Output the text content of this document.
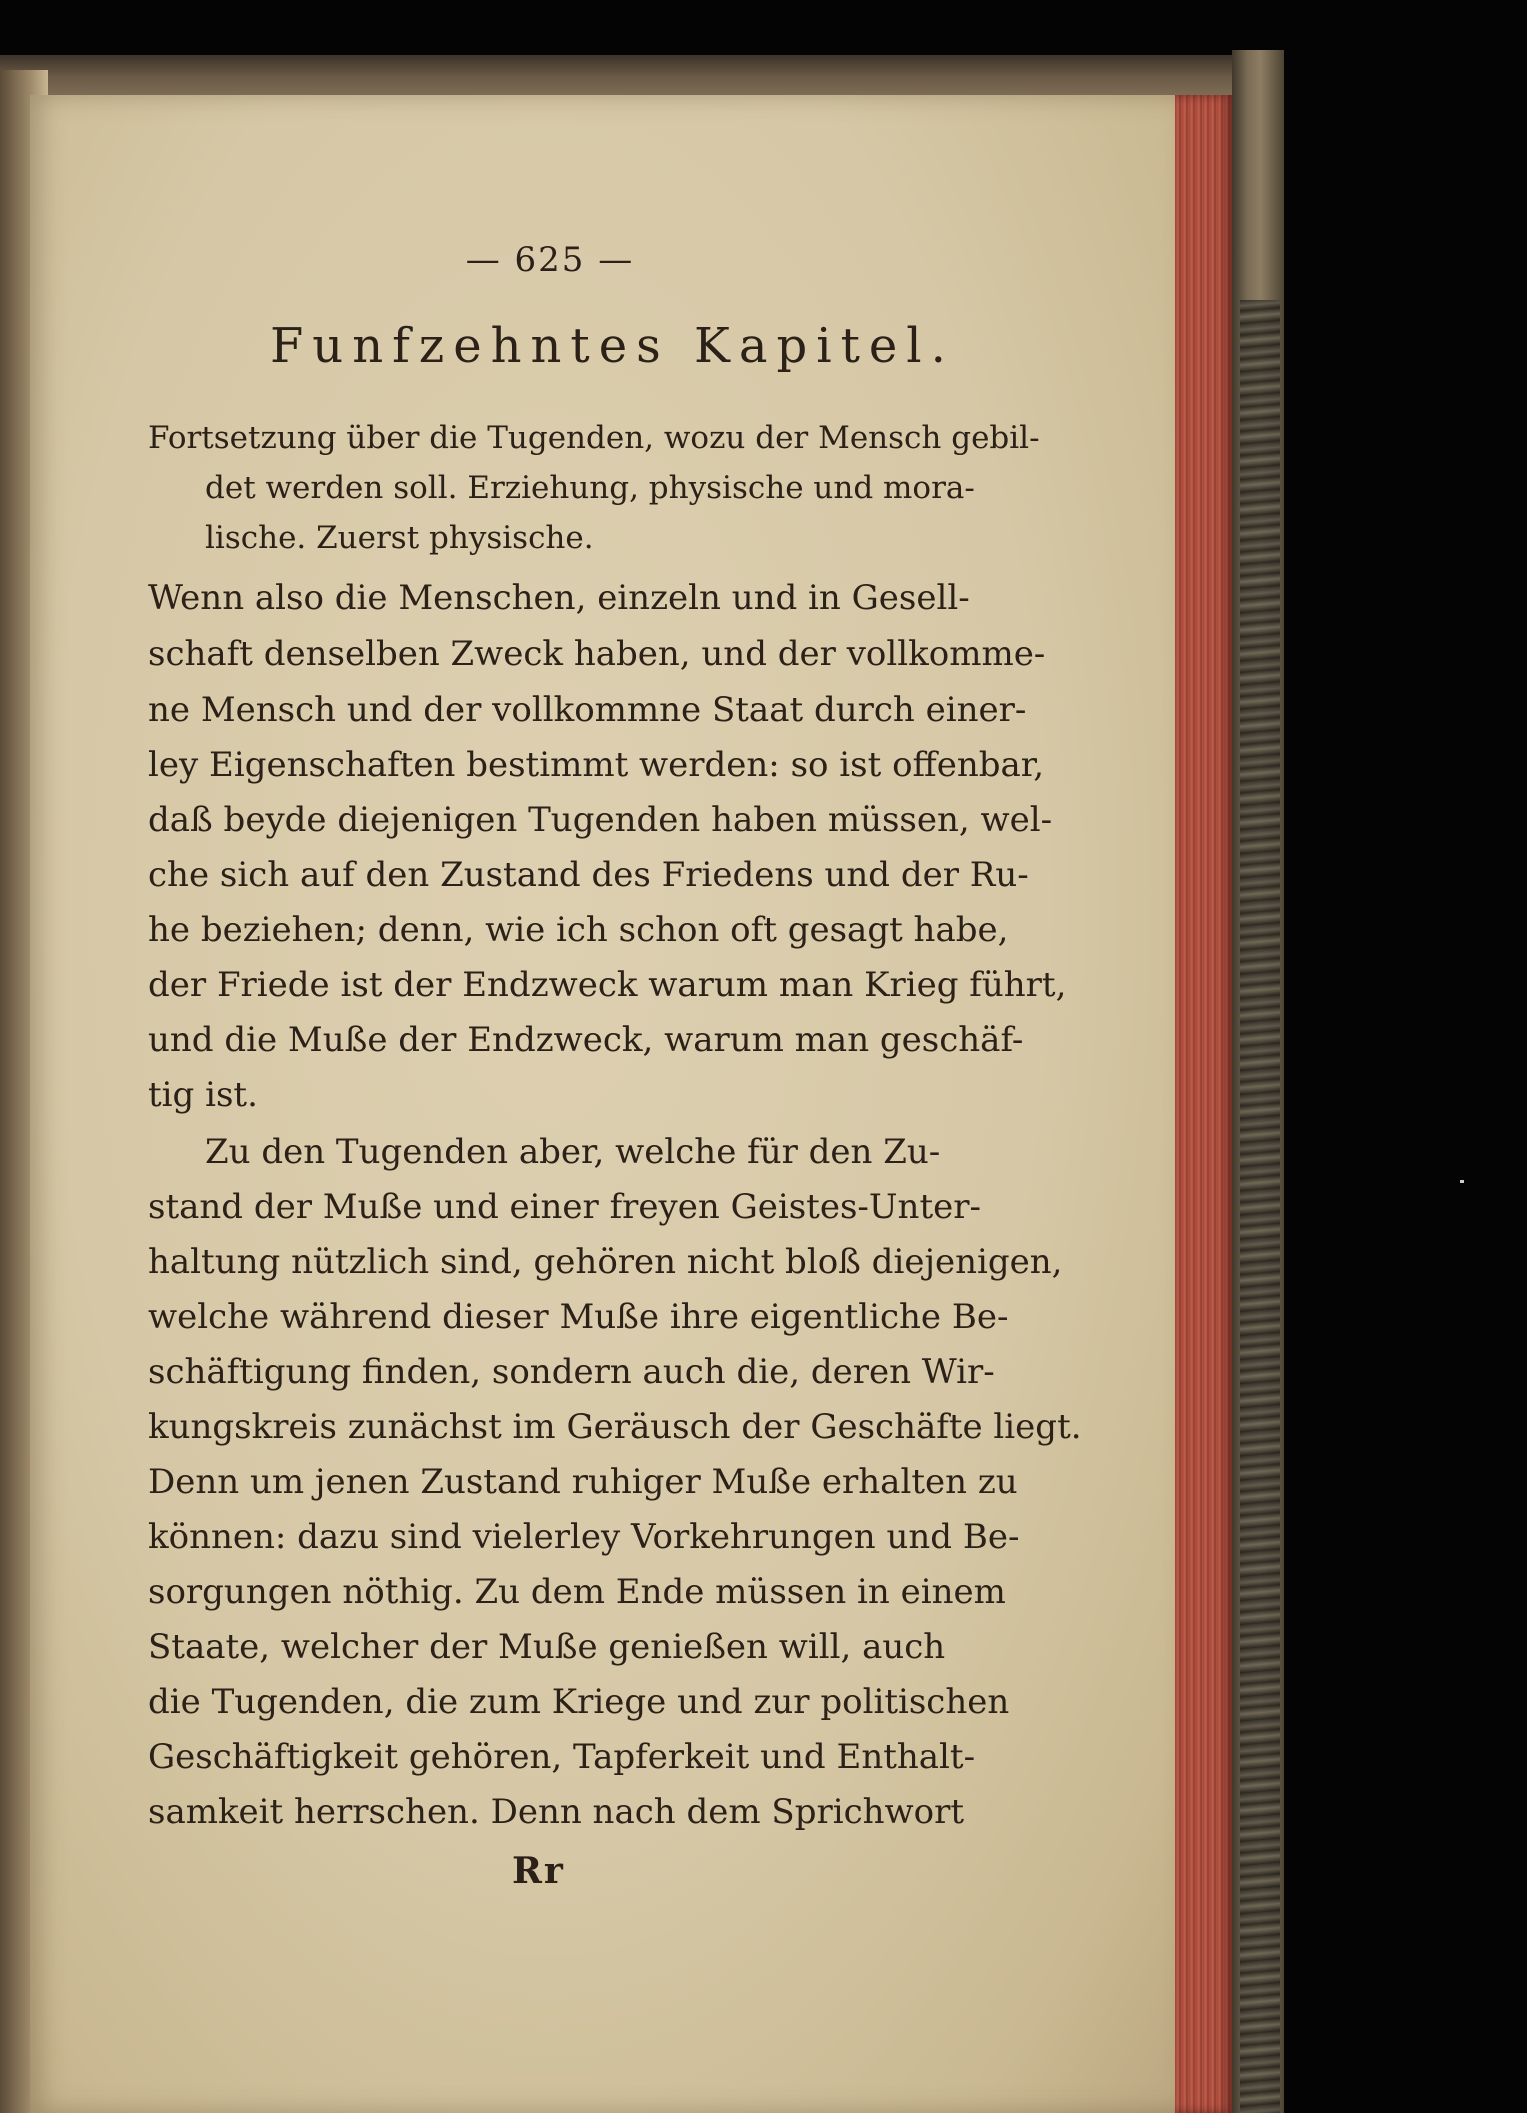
— 625 —
Funfzehntes Kapitel.
Fortsetzung über die Tugenden, wozu der Mensch gebil-
det werden soll. Erziehung, physische und mora-
lische. Zuerst physische.
Wenn also die Menschen, einzeln und in Gesell-
schaft denselben Zweck haben, und der vollkomme-
ne Mensch und der vollkommne Staat durch einer-
ley Eigenschaften bestimmt werden: so ist offenbar,
daß beyde diejenigen Tugenden haben müssen, wel-
che sich auf den Zustand des Friedens und der Ru-
he beziehen; denn, wie ich schon oft gesagt habe,
der Friede ist der Endzweck warum man Krieg führt,
und die Muße der Endzweck, warum man geschäf-
tig ist.
Zu den Tugenden aber, welche für den Zu-
stand der Muße und einer freyen Geistes-Unter-
haltung nützlich sind, gehören nicht bloß diejenigen,
welche während dieser Muße ihre eigentliche Be-
schäftigung finden, sondern auch die, deren Wir-
kungskreis zunächst im Geräusch der Geschäfte liegt.
Denn um jenen Zustand ruhiger Muße erhalten zu
können: dazu sind vielerley Vorkehrungen und Be-
sorgungen nöthig. Zu dem Ende müssen in einem
Staate, welcher der Muße genießen will, auch
die Tugenden, die zum Kriege und zur politischen
Geschäftigkeit gehören, Tapferkeit und Enthalt-
samkeit herrschen. Denn nach dem Sprichwort
Rr
